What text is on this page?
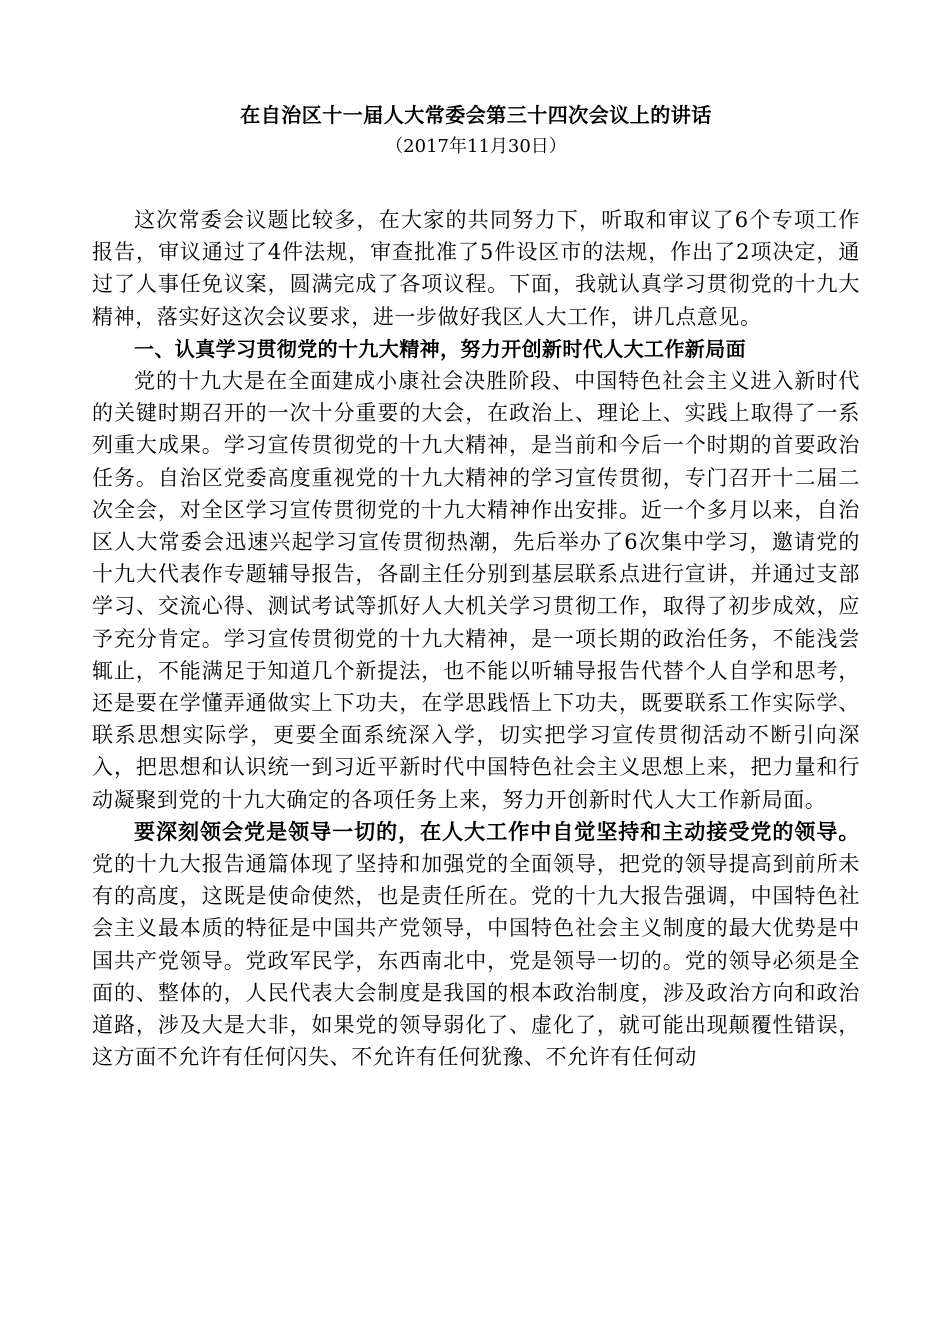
在自治区十一届人大常委会第三十四次会议上的讲话

（2017年11月30日）

这次常委会议题比较多，在大家的共同努力下，听取和审议了6个专项工作报告，审议通过了4件法规，审查批准了5件设区市的法规，作出了2项决定，通过了人事任免议案，圆满完成了各项议程。下面，我就认真学习贯彻党的十九大精神，落实好这次会议要求，进一步做好我区人大工作，讲几点意见。

一、认真学习贯彻党的十九大精神，努力开创新时代人大工作新局面

党的十九大是在全面建成小康社会决胜阶段、中国特色社会主义进入新时代的关键时期召开的一次十分重要的大会，在政治上、理论上、实践上取得了一系列重大成果。学习宣传贯彻党的十九大精神，是当前和今后一个时期的首要政治任务。自治区党委高度重视党的十九大精神的学习宣传贯彻，专门召开十二届二次全会，对全区学习宣传贯彻党的十九大精神作出安排。近一个多月以来，自治区人大常委会迅速兴起学习宣传贯彻热潮，先后举办了6次集中学习，邀请党的十九大代表作专题辅导报告，各副主任分别到基层联系点进行宣讲，并通过支部学习、交流心得、测试考试等抓好人大机关学习贯彻工作，取得了初步成效，应予充分肯定。学习宣传贯彻党的十九大精神，是一项长期的政治任务，不能浅尝辄止，不能满足于知道几个新提法，也不能以听辅导报告代替个人自学和思考，还是要在学懂弄通做实上下功夫，在学思践悟上下功夫，既要联系工作实际学、联系思想实际学，更要全面系统深入学，切实把学习宣传贯彻活动不断引向深入，把思想和认识统一到习近平新时代中国特色社会主义思想上来，把力量和行动凝聚到党的十九大确定的各项任务上来，努力开创新时代人大工作新局面。

要深刻领会党是领导一切的，在人大工作中自觉坚持和主动接受党的领导。党的十九大报告通篇体现了坚持和加强党的全面领导，把党的领导提高到前所未有的高度，这既是使命使然，也是责任所在。党的十九大报告强调，中国特色社会主义最本质的特征是中国共产党领导，中国特色社会主义制度的最大优势是中国共产党领导。党政军民学，东西南北中，党是领导一切的。党的领导必须是全面的、整体的，人民代表大会制度是我国的根本政治制度，涉及政治方向和政治道路，涉及大是大非，如果党的领导弱化了、虚化了，就可能出现颠覆性错误，这方面不允许有任何闪失、不允许有任何犹豫、不允许有任何动
